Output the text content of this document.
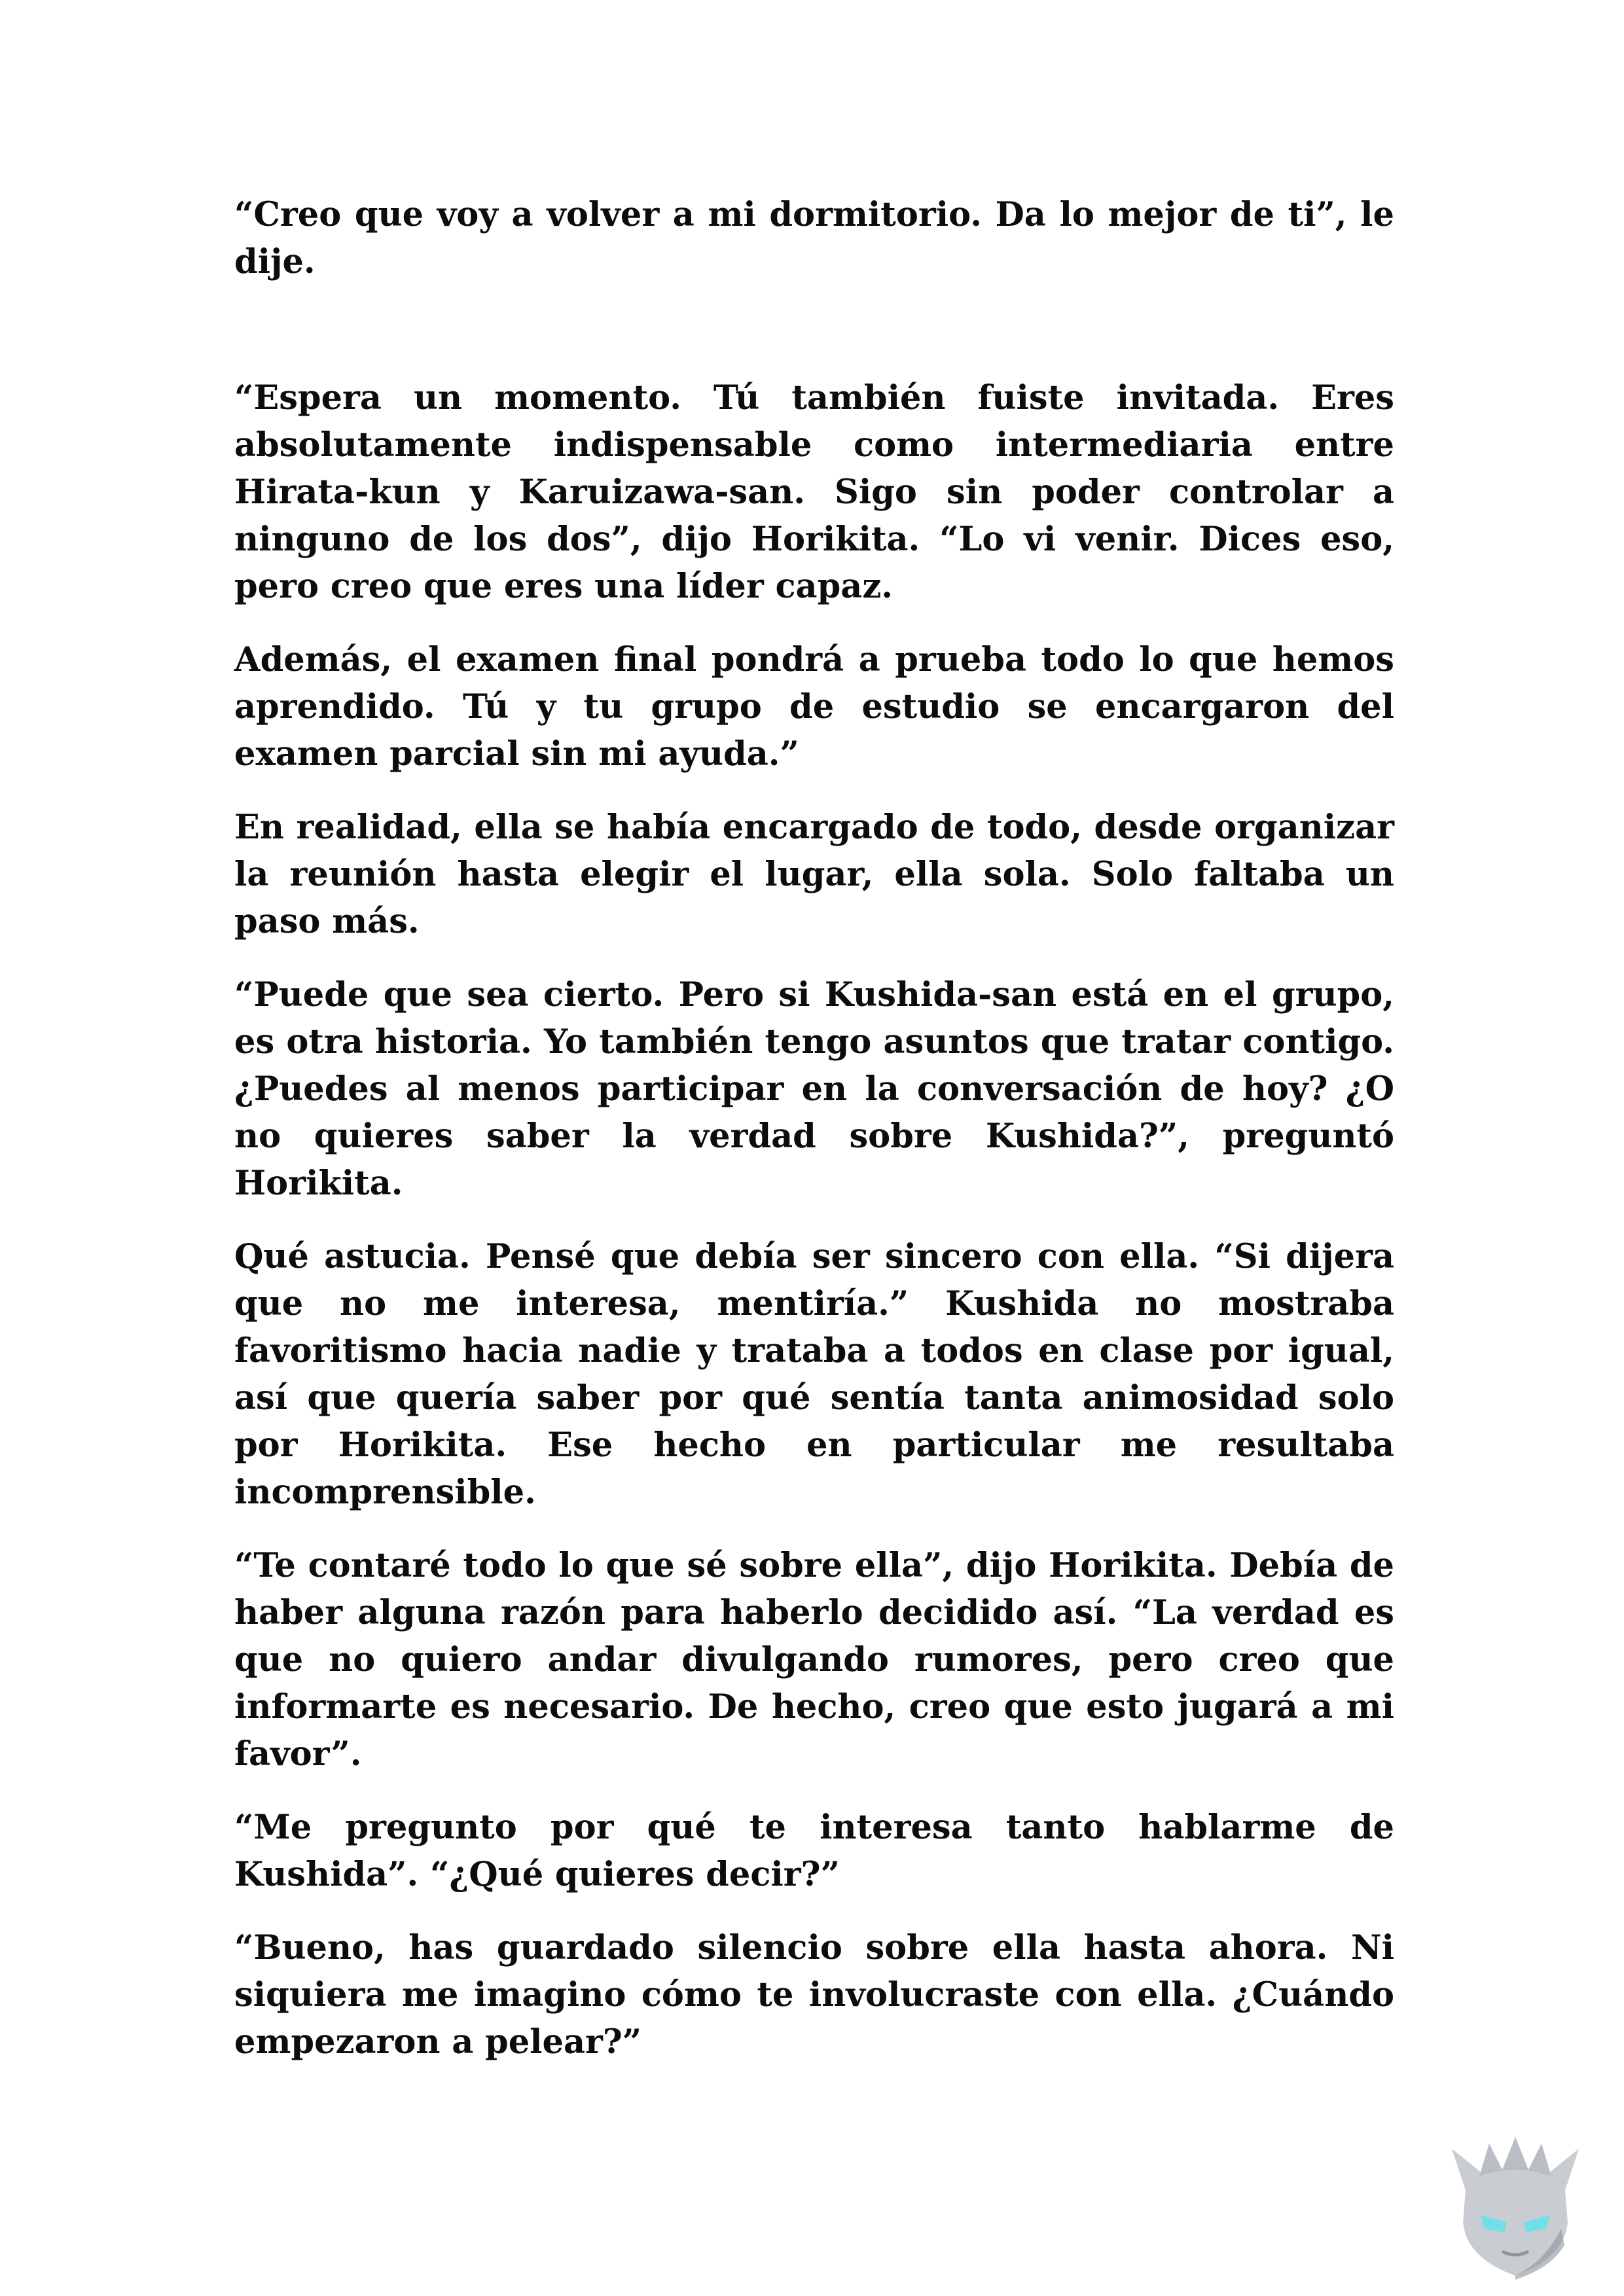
“Creo que voy a volver a mi dormitorio. Da lo mejor de ti”, le dije.

“Espera un momento. Tú también fuiste invitada. Eres absolutamente indispensable como intermediaria entre Hirata-kun y Karuizawa-san. Sigo sin poder controlar a ninguno de los dos”, dijo Horikita. “Lo vi venir. Dices eso, pero creo que eres una líder capaz.

Además, el examen final pondrá a prueba todo lo que hemos aprendido. Tú y tu grupo de estudio se encargaron del examen parcial sin mi ayuda.”

En realidad, ella se había encargado de todo, desde organizar la reunión hasta elegir el lugar, ella sola. Solo faltaba un paso más.

“Puede que sea cierto. Pero si Kushida-san está en el grupo, es otra historia. Yo también tengo asuntos que tratar contigo. ¿Puedes al menos participar en la conversación de hoy? ¿O no quieres saber la verdad sobre Kushida?”, preguntó Horikita.

Qué astucia. Pensé que debía ser sincero con ella. “Si dijera que no me interesa, mentiría.” Kushida no mostraba favoritismo hacia nadie y trataba a todos en clase por igual, así que quería saber por qué sentía tanta animosidad solo por Horikita. Ese hecho en particular me resultaba incomprensible.

“Te contaré todo lo que sé sobre ella”, dijo Horikita. Debía de haber alguna razón para haberlo decidido así. “La verdad es que no quiero andar divulgando rumores, pero creo que informarte es necesario. De hecho, creo que esto jugará a mi favor”.

“Me pregunto por qué te interesa tanto hablarme de Kushida”. “¿Qué quieres decir?”

“Bueno, has guardado silencio sobre ella hasta ahora. Ni siquiera me imagino cómo te involucraste con ella. ¿Cuándo empezaron a pelear?”
